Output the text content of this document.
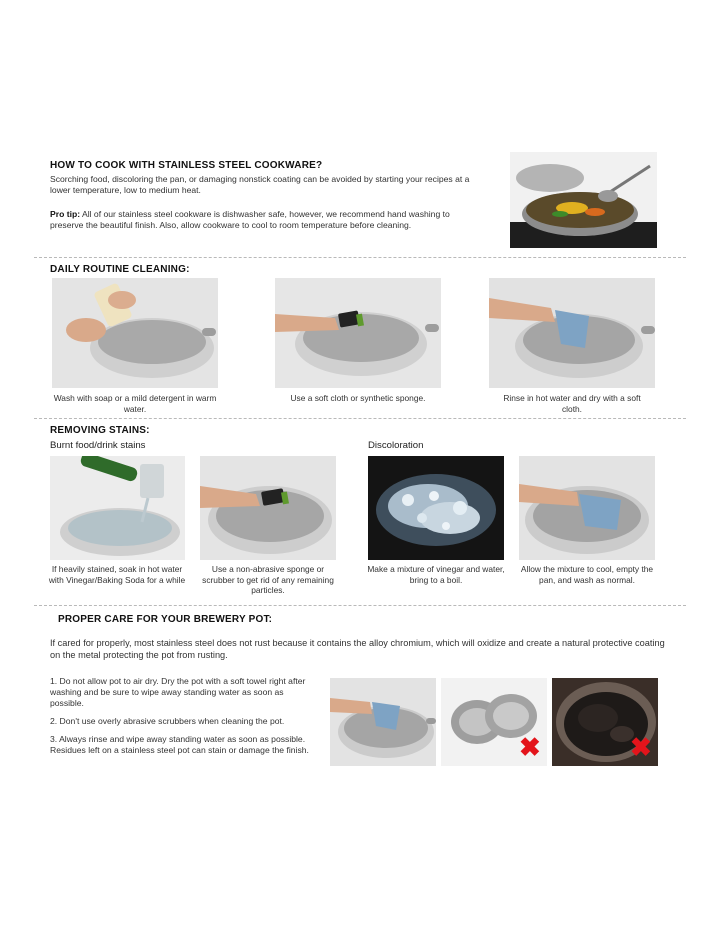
HOW TO COOK WITH STAINLESS STEEL COOKWARE?
Scorching food, discoloring the pan, or damaging nonstick coating can be avoided by starting your recipes at a lower temperature, low to medium heat.
Pro tip: All of our stainless steel cookware is dishwasher safe, however, we recommend hand washing to preserve the beautiful finish. Also, allow cookware to cool to room temperature before cleaning.
DAILY ROUTINE CLEANING:
Wash with soap or a mild detergent in warm water.
Use a soft cloth or synthetic sponge.	Rinse in hot water and dry with a soft cloth.
REMOVING STAINS:
Burnt food/drink stains	Discoloration
If heavily stained, soak in hot water with Vinegar/Baking Soda for a while
Use a non-abrasive sponge or scrubber to get rid of any remaining particles.
Make a mixture of vinegar and water, bring to a boil.
Allow the mixture to cool, empty the pan, and wash as normal.
PROPER CARE FOR YOUR BREWERY POT:
If cared for properly, most stainless steel does not rust because it contains the alloy chromium, which will oxidize and create a natural protective coating on the metal protecting the pot from rusting.
1. Do not allow pot to air dry. Dry the pot with a soft towel right after washing and be sure to wipe away standing water as soon as possible.
2. Don't use overly abrasive scrubbers when cleaning the pot.
3. Always rinse and wipe away standing water as soon as possible. Residues left on a stainless steel pot can stain or damage the finish.	✖	✖
